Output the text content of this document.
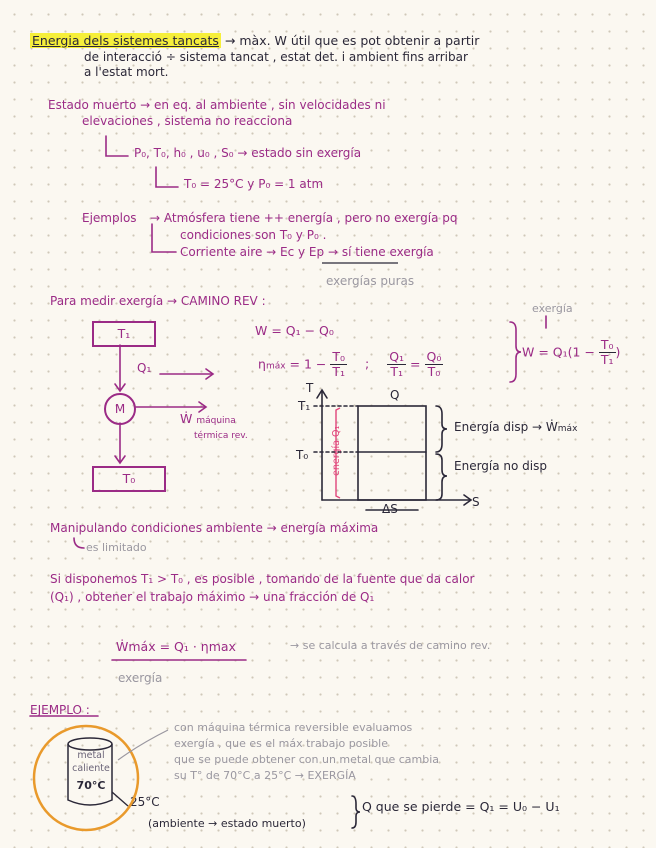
Energia dels sistemes tancats → màx. W útil que es pot obtenir a partir
de interacció ÷ sistema tancat , estat det. i ambient fins arribar
a l'estat mort.
Estado muerto → en eq. al ambiente , sin velocidades ni
elevaciones , sistema no reacciona
P₀, T₀, h₀ , u₀ , S₀ → estado sin exergía
T₀ = 25°C y P₀ = 1 atm
Ejemplos → Atmósfera tiene ++ energía , pero no exergía pq
condiciones son T₀ y P₀ .
Corriente aire → Ec y Ep → sí tiene exergía
exergías puras
Para medir exergía → CAMINO REV :
exergía
T₁
Q₁
M
Ẇ máquina
térmica rev.
T₀
W = Q₁ − Q₀
ηmáx = $1 - \frac{\text{T₀}}{\text{T₁}}$ ; $\frac{\text{Q₁}}{\text{T₁}} = \frac{\text{Q₀}}{\text{T₀}}$	$W = Q_1(1 - \frac{\text{T₀}}{\text{T₁}}$ )
T
T₁
T₀
Q
ΔS	S
energía Q₁	Energía disp → Ẇmáx
Energía no disp
Manipulando condiciones ambiente → energía máxima
es limitado
Si disponemos T₁ > T₀ , es posible , tomando de la fuente que da calor
(Q₁) , obtener el trabajo máximo → una fracción de Q₁
Ẇmáx = Q₁ · ηmax	→ se calcula a través de camino rev.
exergía
EJEMPLO :
metal
caliente
70°C
25°C
(ambiente → estado muerto)
con máquina térmica reversible evaluamos
exergía , que es el máx trabajo posible
que se puede obtener con un metal que cambia
su T° de 70°C a 25°C → EXERGÍA
Q que se pierde = Q₁ = U₀ − U₁
